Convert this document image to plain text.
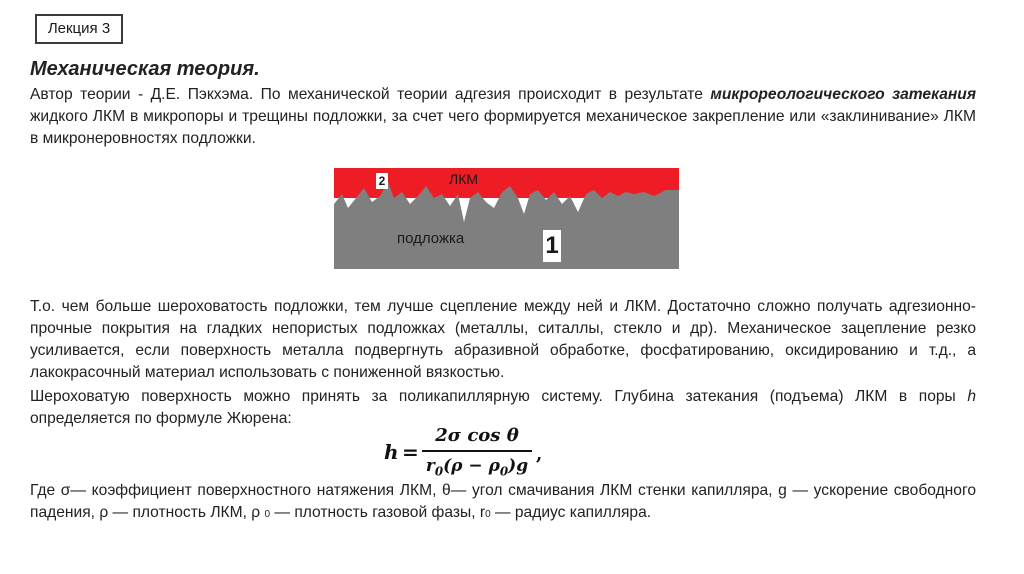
Лекция 3
Механическая теория.

Автор теории - Д.Е. Пэкхэма. По механической теории адгезия происходит в результате микрореологического затекания жидкого ЛКМ в микропоры и трещины подложки, за счет чего формируется механическое закрепление или «заклинивание» ЛКМ в микронеровностях подложки.

ЛКМ
подложка
2
1

Т.о. чем больше шероховатость подложки, тем лучше сцепление между ней и ЛКМ. Достаточно сложно получать адгезионно-прочные покрытия на гладких непористых подложках (металлы, ситаллы, стекло и др). Механическое зацепление резко усиливается, если поверхность металла подвергнуть абразивной обработке, фосфатированию, оксидированию и т.д., а лакокрасочный материал использовать с пониженной вязкостью.

Шероховатую поверхность можно принять за поликапиллярную систему. Глубина затекания (подъема) ЛКМ в поры h определяется по формуле Жюрена:

h =
2σ cos θ
$r_0(\rho - \rho_0)g$
,

Где σ— коэффициент поверхностного натяжения ЛКМ, θ— угол смачивания ЛКМ стенки капилляра, g — ускорение свободного падения, ρ — плотность ЛКМ, ρ 0 — плотность газовой фазы, r0 — радиус капилляра.
